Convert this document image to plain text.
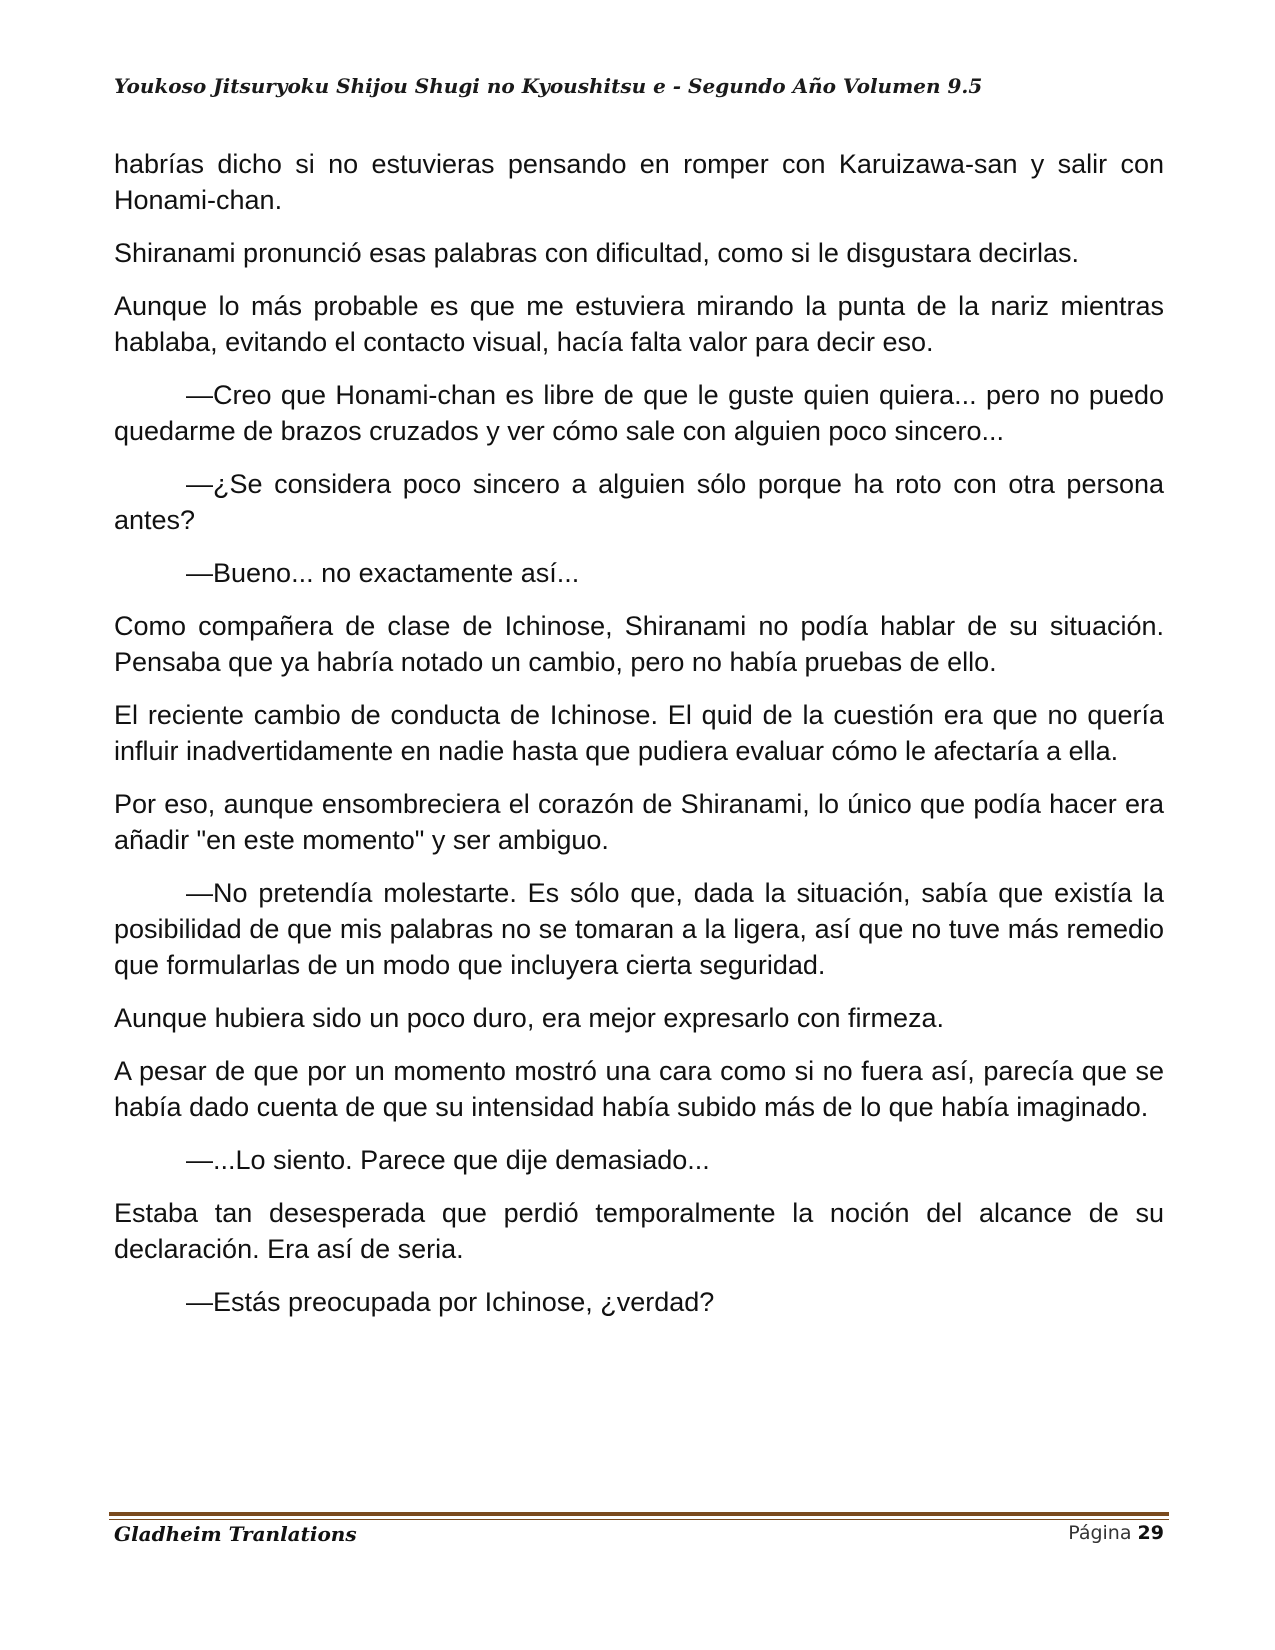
Youkoso Jitsuryoku Shijou Shugi no Kyoushitsu e - Segundo Año Volumen 9.5

habrías dicho si no estuvieras pensando en romper con Karuizawa-san y salir con Honami-chan.

Shiranami pronunció esas palabras con dificultad, como si le disgustara decirlas.

Aunque lo más probable es que me estuviera mirando la punta de la nariz mientras hablaba, evitando el contacto visual, hacía falta valor para decir eso.

—Creo que Honami-chan es libre de que le guste quien quiera... pero no puedo quedarme de brazos cruzados y ver cómo sale con alguien poco sincero...

—¿Se considera poco sincero a alguien sólo porque ha roto con otra persona antes?

—Bueno... no exactamente así...

Como compañera de clase de Ichinose, Shiranami no podía hablar de su situación. Pensaba que ya habría notado un cambio, pero no había pruebas de ello.

El reciente cambio de conducta de Ichinose. El quid de la cuestión era que no quería influir inadvertidamente en nadie hasta que pudiera evaluar cómo le afectaría a ella.

Por eso, aunque ensombreciera el corazón de Shiranami, lo único que podía hacer era añadir "en este momento" y ser ambiguo.

—No pretendía molestarte. Es sólo que, dada la situación, sabía que existía la posibilidad de que mis palabras no se tomaran a la ligera, así que no tuve más remedio que formularlas de un modo que incluyera cierta seguridad.

Aunque hubiera sido un poco duro, era mejor expresarlo con firmeza.

A pesar de que por un momento mostró una cara como si no fuera así, parecía que se había dado cuenta de que su intensidad había subido más de lo que había imaginado.

—...Lo siento. Parece que dije demasiado...

Estaba tan desesperada que perdió temporalmente la noción del alcance de su declaración. Era así de seria.

—Estás preocupada por Ichinose, ¿verdad?

Gladheim Tranlations	Página 29
